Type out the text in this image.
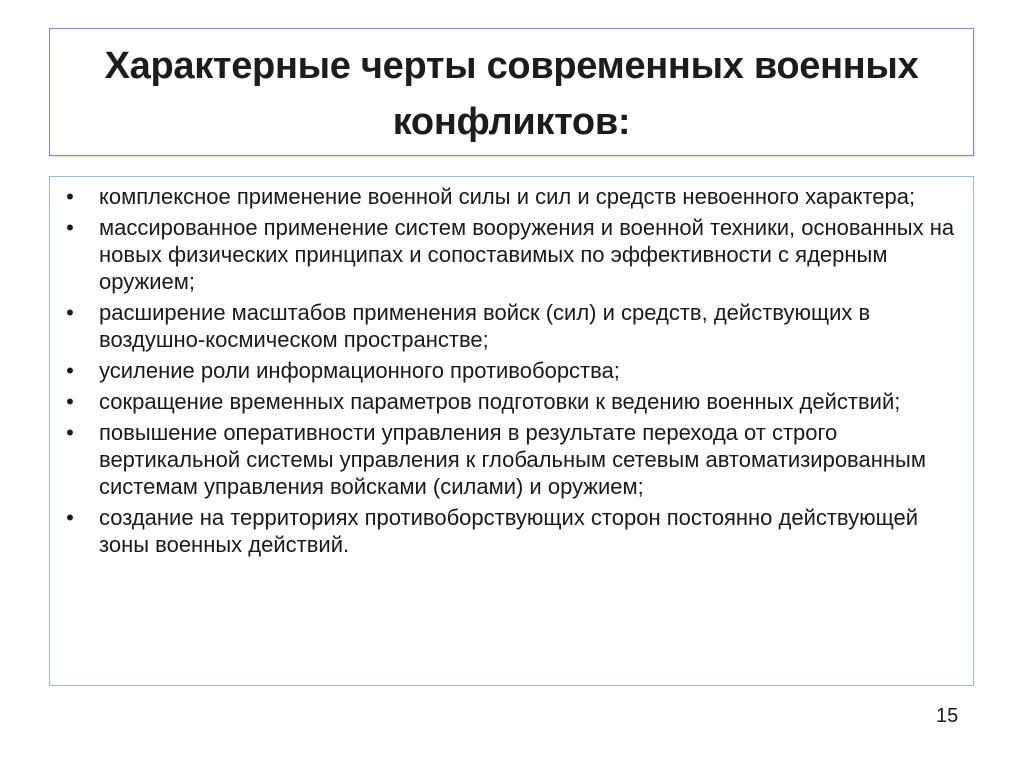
Характерные черты современных военных
конфликтов:
• комплексное применение военной силы и сил и средств невоенного характера;
• массированное применение систем вооружения и военной техники, основанных на новых физических принципах и сопоставимых по эффективности с ядерным оружием;
• расширение масштабов применения войск (сил) и средств, действующих в воздушно-космическом пространстве;
• усиление роли информационного противоборства;
• сокращение временных параметров подготовки к ведению военных действий;
• повышение оперативности управления в результате перехода от строго вертикальной системы управления к глобальным сетевым автоматизированным системам управления войсками (силами) и оружием;
• создание на территориях противоборствующих сторон постоянно действующей зоны военных действий.
15
